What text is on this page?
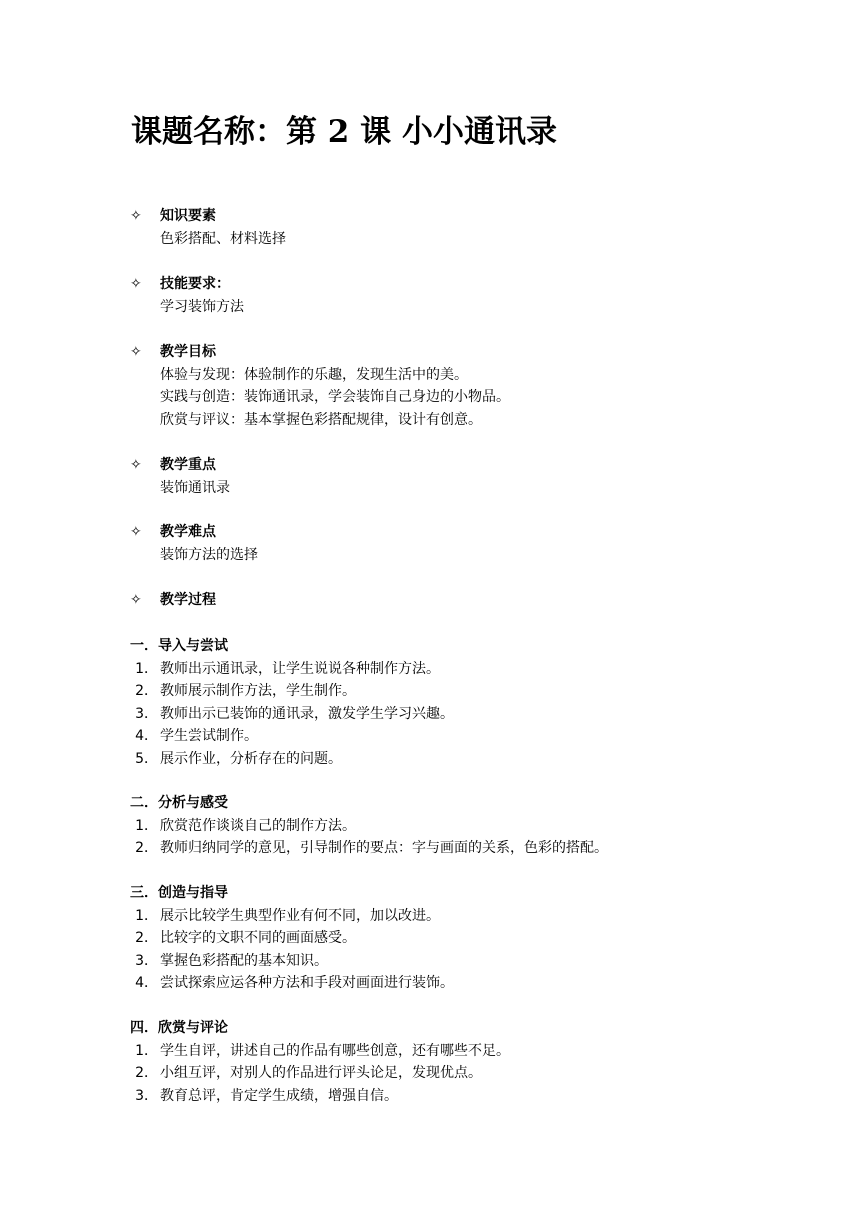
课题名称：第 2 课 小小通讯录
✧	知识要素
色彩搭配、材料选择
✧	技能要求：
学习装饰方法
✧	教学目标
体验与发现：体验制作的乐趣，发现生活中的美。
实践与创造：装饰通讯录，学会装饰自己身边的小物品。
欣赏与评议：基本掌握色彩搭配规律，设计有创意。
✧	教学重点
装饰通讯录
✧	教学难点
装饰方法的选择
✧	教学过程
一． 导入与尝试
1． 教师出示通讯录，让学生说说各种制作方法。
2． 教师展示制作方法，学生制作。
3． 教师出示已装饰的通讯录，激发学生学习兴趣。
4． 学生尝试制作。
5． 展示作业，分析存在的问题。
二． 分析与感受
1． 欣赏范作谈谈自己的制作方法。
2． 教师归纳同学的意见，引导制作的要点：字与画面的关系，色彩的搭配。
三． 创造与指导
1． 展示比较学生典型作业有何不同，加以改进。
2． 比较字的文职不同的画面感受。
3． 掌握色彩搭配的基本知识。
4． 尝试探索应运各种方法和手段对画面进行装饰。
四． 欣赏与评论
1． 学生自评，讲述自己的作品有哪些创意，还有哪些不足。
2． 小组互评，对别人的作品进行评头论足，发现优点。
3． 教育总评，肯定学生成绩，增强自信。
